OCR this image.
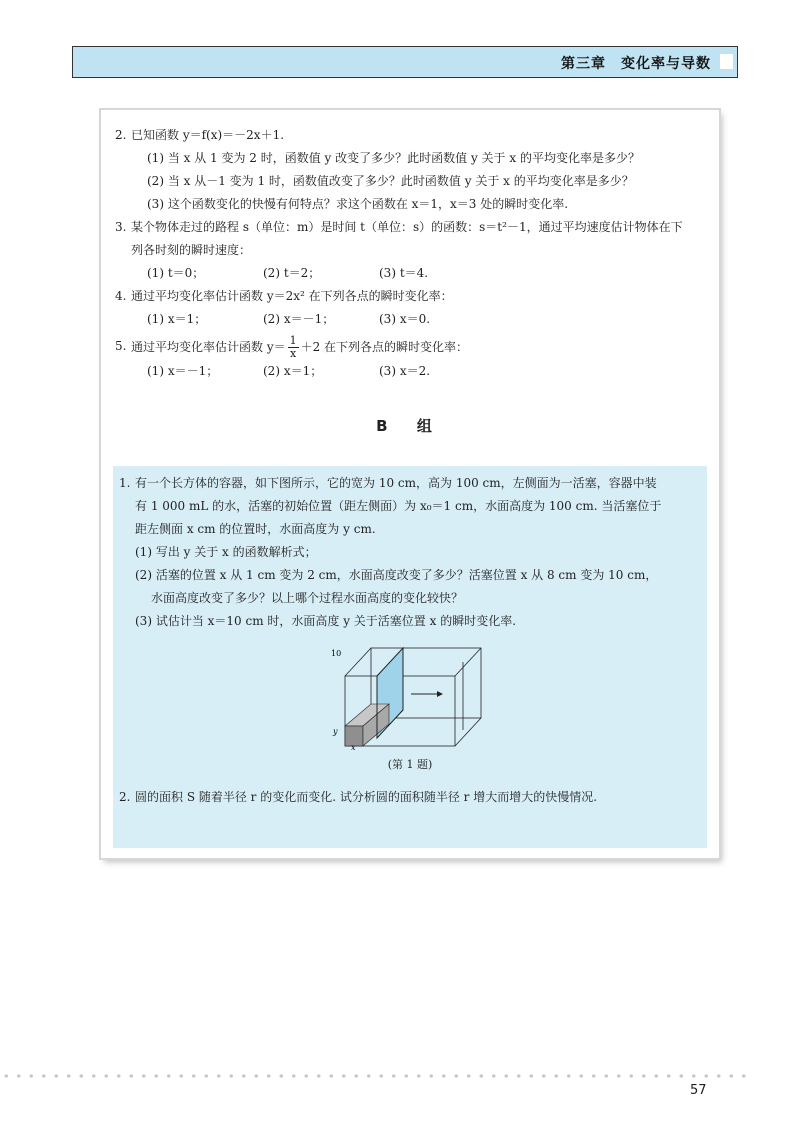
第三章　变化率与导数
2. 已知函数 y＝f(x)＝－2x＋1.
(1) 当 x 从 1 变为 2 时，函数值 y 改变了多少？此时函数值 y 关于 x 的平均变化率是多少？
(2) 当 x 从－1 变为 1 时，函数值改变了多少？此时函数值 y 关于 x 的平均变化率是多少？
(3) 这个函数变化的快慢有何特点？求这个函数在 x＝1，x＝3 处的瞬时变化率.
3. 某个物体走过的路程 s（单位：m）是时间 t（单位：s）的函数：s＝t²－1，通过平均速度估计物体在下
列各时刻的瞬时速度：
(1) t＝0；	(2) t＝2；	(3) t＝4.
4. 通过平均变化率估计函数 y＝2x² 在下列各点的瞬时变化率：
(1) x＝1；	(2) x＝－1；	(3) x＝0.
5. 通过平均变化率估计函数 $y= \frac{1}{x} +2$ 在下列各点的瞬时变化率：
(1) x＝－1；	(2) x＝1；	(3) x＝2.
B 组
1. 有一个长方体的容器，如下图所示，它的宽为 10 cm，高为 100 cm，左侧面为一活塞，容器中装
有 1 000 mL 的水，活塞的初始位置（距左侧面）为 x₀＝1 cm，水面高度为 100 cm. 当活塞位于
距左侧面 x cm 的位置时，水面高度为 y cm.
(1) 写出 y 关于 x 的函数解析式；
(2) 活塞的位置 x 从 1 cm 变为 2 cm，水面高度改变了多少？活塞位置 x 从 8 cm 变为 10 cm，
水面高度改变了多少？以上哪个过程水面高度的变化较快？
(3) 试估计当 x＝10 cm 时，水面高度 y 关于活塞位置 x 的瞬时变化率.
10
y
x
(第 1 题)
2. 圆的面积 S 随着半径 r 的变化而变化. 试分析圆的面积随半径 r 增大而增大的快慢情况.
57
